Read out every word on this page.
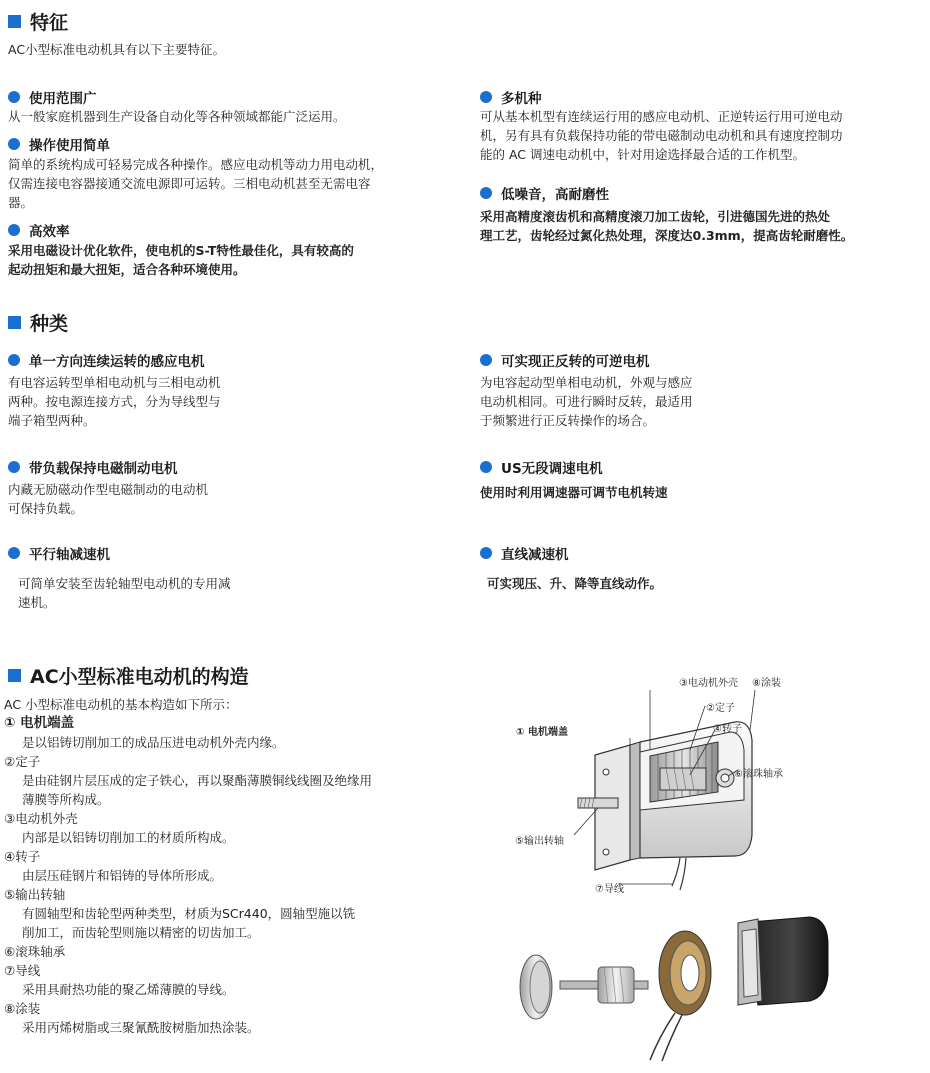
特征
AC小型标准电动机具有以下主要特征。
使用范围广
从一般家庭机器到生产设备自动化等各种领域都能广泛运用。
操作使用简单
简单的系统构成可轻易完成各种操作。感应电动机等动力用电动机，
仅需连接电容器接通交流电源即可运转。三相电动机甚至无需电容
器。
高效率
采用电磁设计优化软件，使电机的S-T特性最佳化，具有较高的
起动扭矩和最大扭矩，适合各种环境使用。
多机种
可从基本机型有连续运行用的感应电动机、正逆转运行用可逆电动
机，另有具有负载保持功能的带电磁制动电动机和具有速度控制功
能的 AC 调速电动机中，针对用途选择最合适的工作机型。
低噪音，高耐磨性
采用高精度滚齿机和高精度滚刀加工齿轮，引进德国先进的热处
理工艺，齿轮经过氮化热处理，深度达0.3mm，提高齿轮耐磨性。
种类
单一方向连续运转的感应电机
有电容运转型单相电动机与三相电动机
两种。按电源连接方式，分为导线型与
端子箱型两种。
可实现正反转的可逆电机
为电容起动型单相电动机，外观与感应
电动机相同。可进行瞬时反转，最适用
于频繁进行正反转操作的场合。
带负载保持电磁制动电机
内藏无励磁动作型电磁制动的电动机
可保持负载。
US无段调速电机
使用时利用调速器可调节电机转速
平行轴减速机
可简单安装至齿轮轴型电动机的专用减
速机。
直线减速机
可实现压、升、降等直线动作。
AC小型标准电动机的构造
AC 小型标准电动机的基本构造如下所示：
① 电机端盖
是以铝铸切削加工的成品压进电动机外壳内缘。
②定子
是由硅钢片层压成的定子铁心，再以聚酯薄膜铜线线圈及绝缘用
薄膜等所构成。
③电动机外壳
内部是以铝铸切削加工的材质所构成。
④转子
由层压硅钢片和铝铸的导体所形成。
⑤输出转轴
有圆轴型和齿轮型两种类型，材质为SCr440，圆轴型施以铣
削加工，而齿轮型则施以精密的切齿加工。
⑥滚珠轴承
⑦导线
采用具耐热功能的聚乙烯薄膜的导线。
⑧涂装
采用丙烯树脂或三聚氰酰胺树脂加热涂装。
① 电机端盖
③电动机外壳 ⑧涂装
②定子
④转子
⑥滚珠轴承
⑤输出转轴
⑦导线
